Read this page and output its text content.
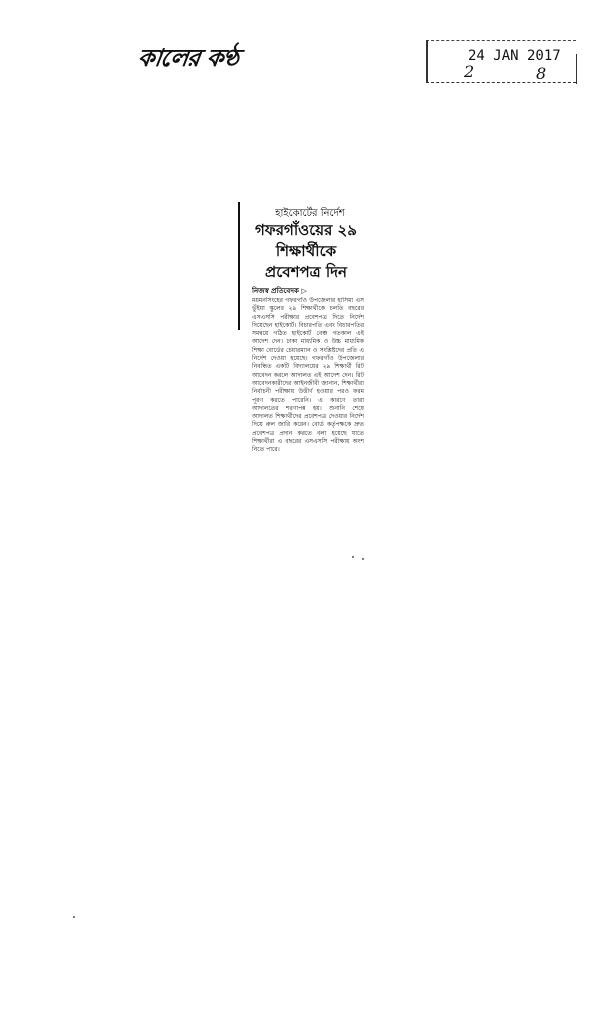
কালের কণ্ঠ	24 JAN 2017
2	8
হাইকোর্টের নির্দেশ
গফরগাঁওয়ের ২৯ শিক্ষার্থীকে প্রবেশপত্র দিন
নিজস্ব প্রতিবেদক ▷
ময়মনসিংহের গফরগাঁও উপজেলার হাসিমা এস ভুঁইয়া স্কুলের ২৯ শিক্ষার্থীকে চলতি বছরের এসএসসি পরীক্ষার প্রবেশপত্র দিতে নির্দেশ দিয়েছেন হাইকোর্ট। বিচারপতি এবং বিচারপতির সমন্বয়ে গঠিত হাইকোর্ট বেঞ্চ গতকাল এই আদেশ দেন। ঢাকা মাধ্যমিক ও উচ্চ মাধ্যমিক শিক্ষা বোর্ডের চেয়ারম্যান ও সংশ্লিষ্টদের প্রতি এ নির্দেশ দেওয়া হয়েছে। গফরগাঁও উপজেলার নিবন্ধিত একটি বিদ্যালয়ের ২৯ শিক্ষার্থী রিট আবেদন করলে আদালত এই আদেশ দেন। রিট আবেদনকারীদের আইনজীবী জানান, শিক্ষার্থীরা নির্বাচনী পরীক্ষায় উত্তীর্ণ হওয়ার পরও ফরম পূরণ করতে পারেনি। এ কারণে তারা আদালতের শরণাপন্ন হয়। শুনানি শেষে আদালত শিক্ষার্থীদের প্রবেশপত্র দেওয়ার নির্দেশ দিয়ে রুল জারি করেন। বোর্ড কর্তৃপক্ষকে দ্রুত প্রবেশপত্র প্রদান করতে বলা হয়েছে যাতে শিক্ষার্থীরা এ বছরের এসএসসি পরীক্ষায় অংশ নিতে পারে।
